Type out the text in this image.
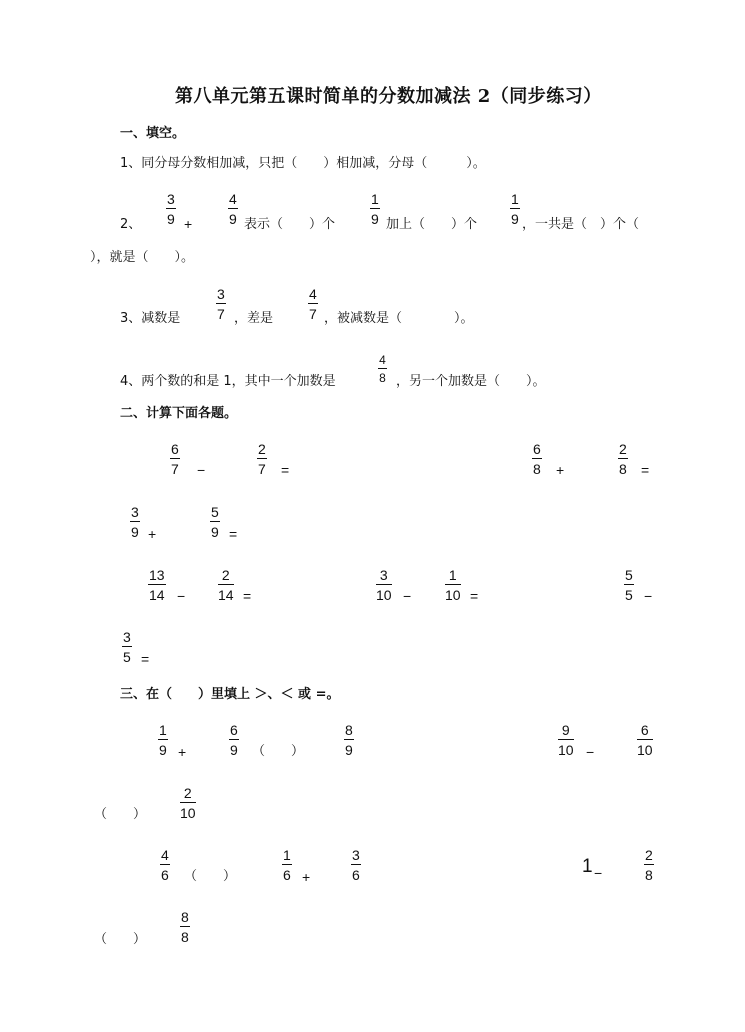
第八单元第五课时简单的分数加减法 2（同步练习）
一、填空。
1、同分母分数相加减，只把（　　）相加减，分母（　　　）。
2、
3
9 +
4
9 表示（　　）个
1
9 加上（　　）个
1
9 ，一共是（　）个（
），就是（　　）。
3、减数是
3
7 ，差是
4
7 ，被减数是（　　　　）。
4、两个数的和是 1，其中一个加数是
4
8 ，另一个加数是（　　）。
二、计算下面各题。
6
7 −
2
7 =
6
8 +
2
8 =
3
9 +
5
9 =
13
14 −
2
14 =
3
10 −
1
10 =
5
5 −
3
5 =
三、在（　　）里填上 ＞、＜ 或 =。
1
9 +
6
9 （　　）
8
9
9
10 −
6
10
（　　）
2
10
4
6 （　　）
1
6 +
3
6	1 −
2
8
（　　）
8
8
